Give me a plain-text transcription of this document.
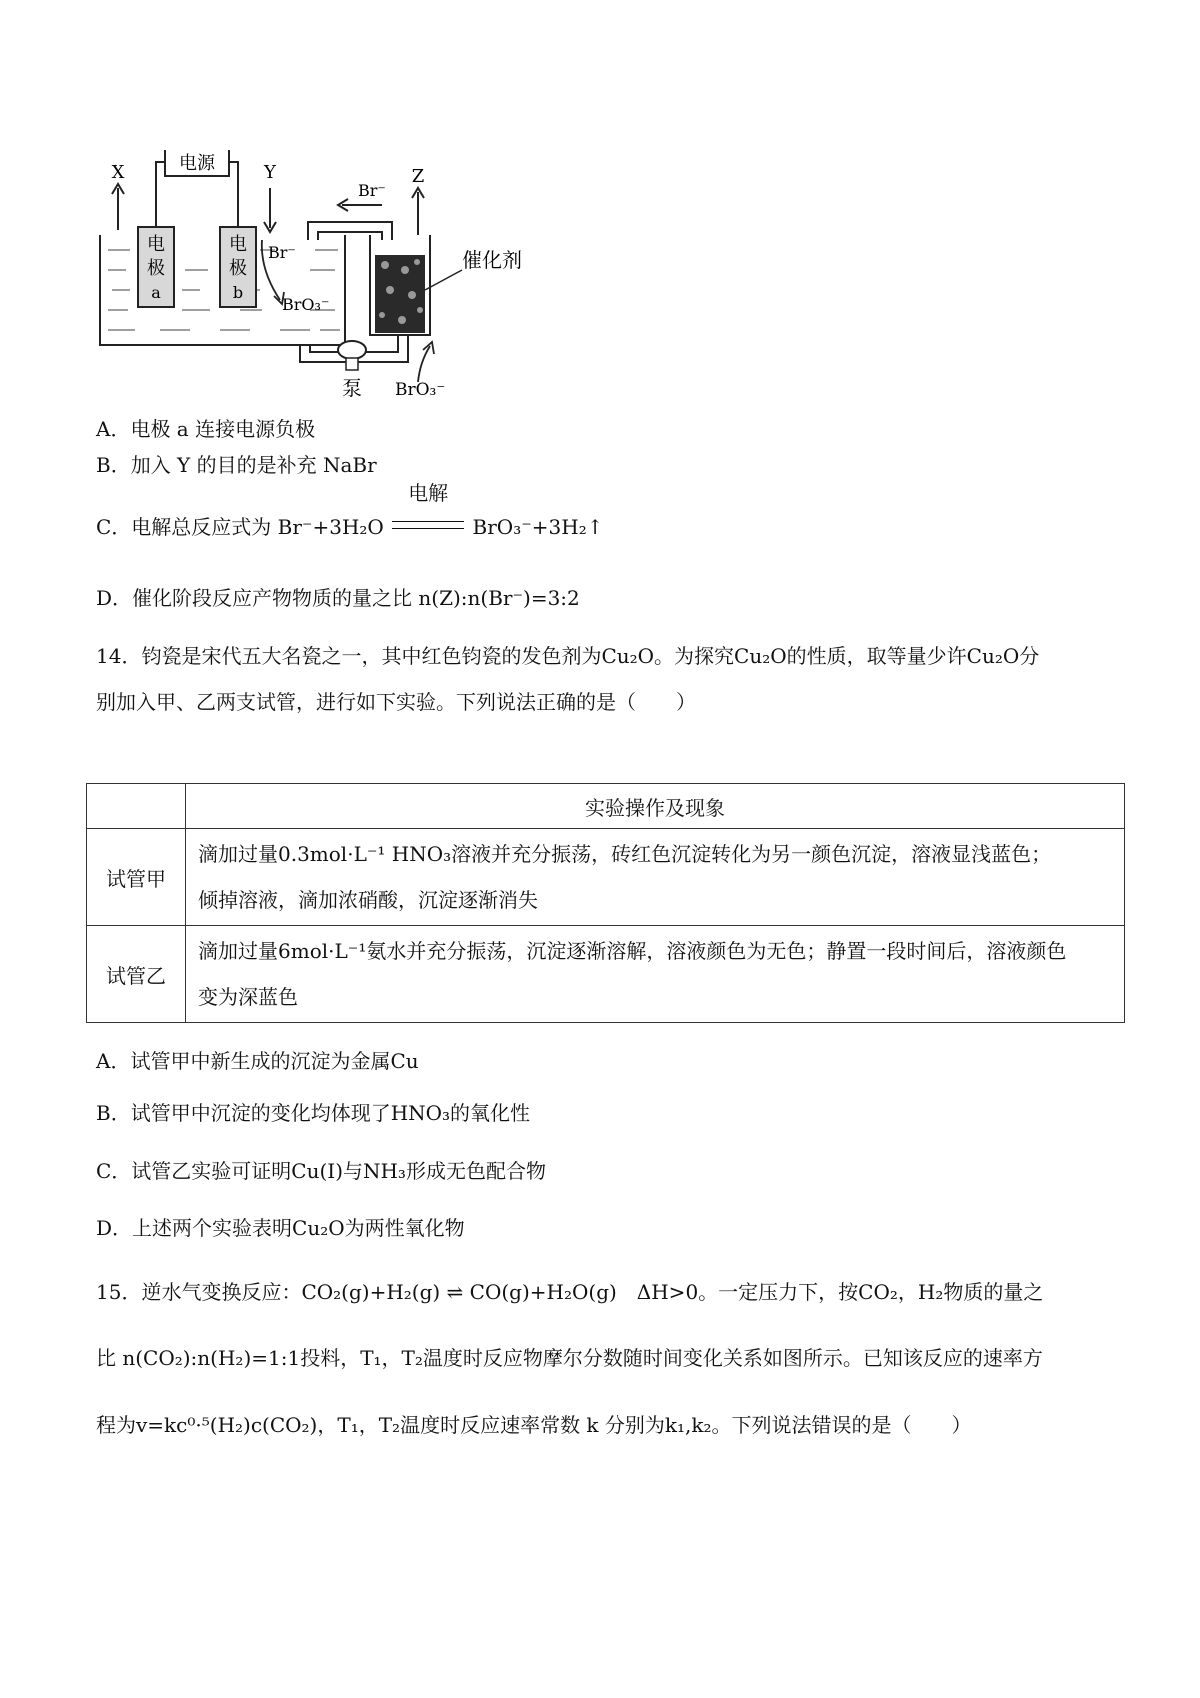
电
极
a
电
极
b
电源
X	Y
Br⁻
BrO₃⁻
Br⁻
Z
催化剂
泵 BrO₃⁻
A．电极 a 连接电源负极
B．加入 Y 的目的是补充 NaBr
C．电解总反应式为 Br⁻+3H₂O
电解
BrO₃⁻+3H₂↑
D．催化阶段反应产物物质的量之比 n(Z):n(Br⁻)=3:2
14．钧瓷是宋代五大名瓷之一，其中红色钧瓷的发色剂为Cu₂O。为探究Cu₂O的性质，取等量少许Cu₂O分
别加入甲、乙两支试管，进行如下实验。下列说法正确的是（　　）
	实验操作及现象
试管甲	滴加过量0.3mol·L⁻¹ HNO₃溶液并充分振荡，砖红色沉淀转化为另一颜色沉淀，溶液显浅蓝色；
倾掉溶液，滴加浓硝酸，沉淀逐渐消失

试管乙	滴加过量6mol·L⁻¹氨水并充分振荡，沉淀逐渐溶解，溶液颜色为无色；静置一段时间后，溶液颜色
变为深蓝色
A．试管甲中新生成的沉淀为金属Cu
B．试管甲中沉淀的变化均体现了HNO₃的氧化性
C．试管乙实验可证明Cu(I)与NH₃形成无色配合物
D．上述两个实验表明Cu₂O为两性氧化物
15．逆水气变换反应：CO₂(g)+H₂(g) ⇌ CO(g)+H₂O(g)　ΔH>0。一定压力下，按CO₂，H₂物质的量之
比 n(CO₂):n(H₂)=1:1投料，T₁，T₂温度时反应物摩尔分数随时间变化关系如图所示。已知该反应的速率方
程为v=kc⁰·⁵(H₂)c(CO₂)，T₁，T₂温度时反应速率常数 k 分别为k₁,k₂。下列说法错误的是（　　）
